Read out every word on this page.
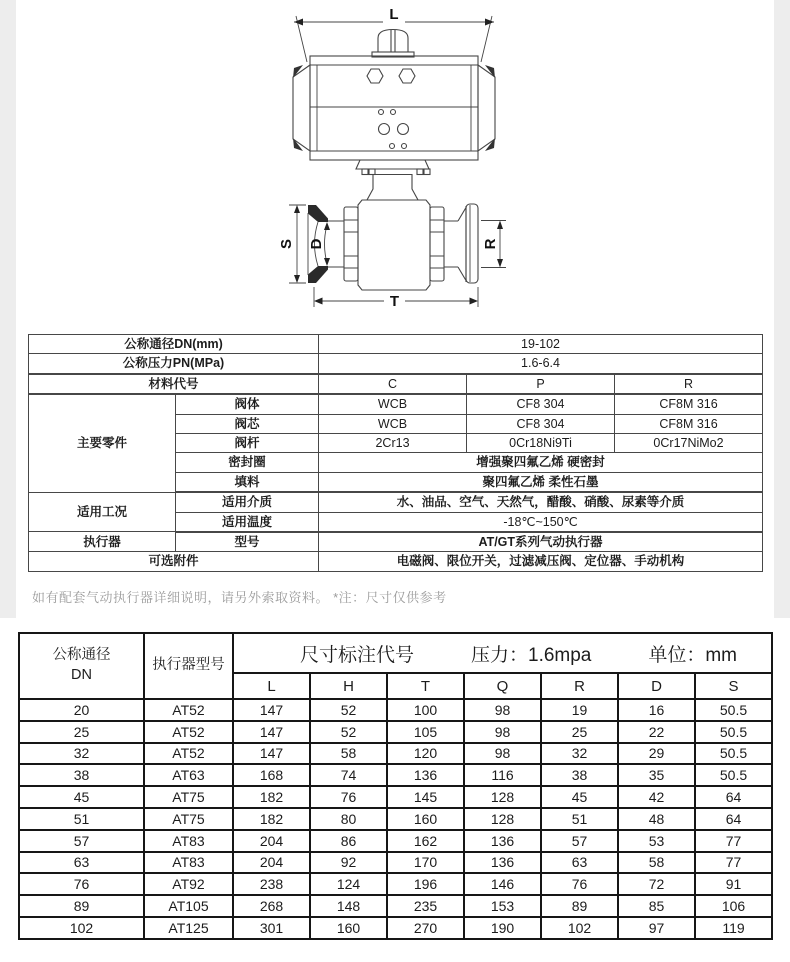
L
S D	R
T
公称通径DN(mm)		19-102		
公称压力PN(MPa)		1.6-6.4		
材料代号		C	P	R
主要零件	阀体	WCB	CF8 304	CF8M 316
	阀芯	WCB	CF8 304	CF8M 316
	阀杆	2Cr13	0Cr18Ni9Ti	0Cr17NiMo2
	密封圈	增强聚四氟乙烯 硬密封		
	填料	聚四氟乙烯 柔性石墨		
适用工况	适用介质	水、油品、空气、天然气，醋酸、硝酸、尿素等介质		
	适用温度	-18℃~150℃		
执行器	型号	AT/GT系列气动执行器		
可选附件		电磁阀、限位开关，过滤减压阀、定位器、手动机构		
如有配套气动执行器详细说明，请另外索取资料。 *注：尺寸仅供参考
公称通径
DN
	执行器型号	尺寸标注代号	压力：1.6mpa	单位：mm

		L	H	T	Q	R	D	S
20	AT52	147	52	100	98	19	16	50.5
25	AT52	147	52	105	98	25	22	50.5
32	AT52	147	58	120	98	32	29	50.5
38	AT63	168	74	136	116	38	35	50.5
45	AT75	182	76	145	128	45	42	64
51	AT75	182	80	160	128	51	48	64
57	AT83	204	86	162	136	57	53	77
63	AT83	204	92	170	136	63	58	77
76	AT92	238	124	196	146	76	72	91
89	AT105	268	148	235	153	89	85	106
102	AT125	301	160	270	190	102	97	119
